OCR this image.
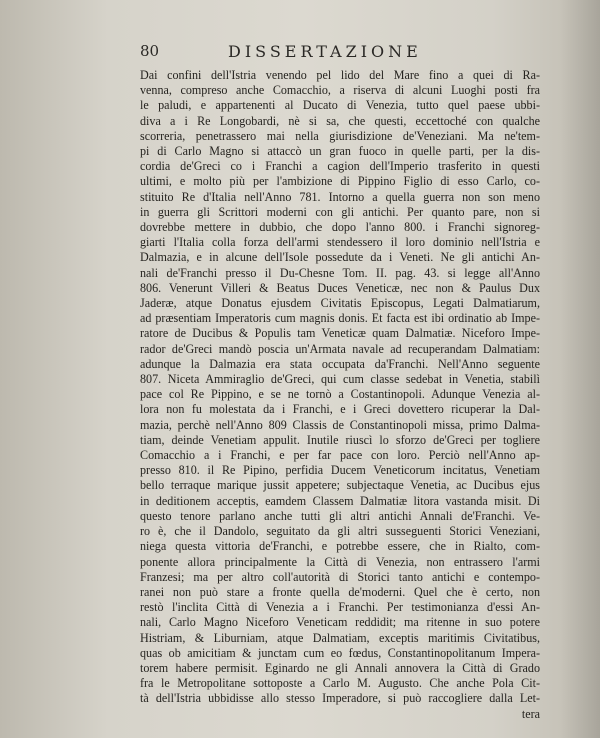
80	DISSERTAZIONE
Dai confini dell'Istria venendo pel lido del Mare fino a quei di Ra-
venna, compreso anche Comacchio, a riserva di alcuni Luoghi posti fra
le paludi, e appartenenti al Ducato di Venezia, tutto quel paese ubbi-
diva a i Re Longobardi, nè si sa, che questi, eccettoché con qualche
scorreria, penetrassero mai nella giurisdizione de'Veneziani. Ma ne'tem-
pi di Carlo Magno si attaccò un gran fuoco in quelle parti, per la dis-
cordia de'Greci co i Franchi a cagion dell'Imperio trasferito in questi
ultimi, e molto più per l'ambizione di Pippino Figlio di esso Carlo, co-
stituito Re d'Italia nell'Anno 781. Intorno a quella guerra non son meno
in guerra gli Scrittori moderni con gli antichi. Per quanto pare, non si
dovrebbe mettere in dubbio, che dopo l'anno 800. i Franchi signoreg-
giarti l'Italia colla forza dell'armi stendessero il loro dominio nell'Istria e
Dalmazia, e in alcune dell'Isole possedute da i Veneti. Ne gli antichi An-
nali de'Franchi presso il Du-Chesne Tom. II. pag. 43. si legge all'Anno
806. Venerunt Villeri & Beatus Duces Veneticæ, nec non & Paulus Dux
Jaderæ, atque Donatus ejusdem Civitatis Episcopus, Legati Dalmatiarum,
ad præsentiam Imperatoris cum magnis donis. Et facta est ibi ordinatio ab Impe-
ratore de Ducibus & Populis tam Veneticæ quam Dalmatiæ. Niceforo Impe-
rador de'Greci mandò poscia un'Armata navale ad recuperandam Dalmatiam:
adunque la Dalmazia era stata occupata da'Franchi. Nell'Anno seguente
807. Niceta Ammiraglio de'Greci, qui cum classe sedebat in Venetia, stabilì
pace col Re Pippino, e se ne tornò a Costantinopoli. Adunque Venezia al-
lora non fu molestata da i Franchi, e i Greci dovettero ricuperar la Dal-
mazia, perchè nell'Anno 809 Classis de Constantinopoli missa, primo Dalma-
tiam, deinde Venetiam appulit. Inutile riuscì lo sforzo de'Greci per togliere
Comacchio a i Franchi, e per far pace con loro. Perciò nell'Anno ap-
presso 810. il Re Pipino, perfidia Ducem Veneticorum incitatus, Venetiam
bello terraque marique jussit appetere; subjectaque Venetia, ac Ducibus ejus
in deditionem acceptis, eamdem Classem Dalmatiæ litora vastanda misit. Di
questo tenore parlano anche tutti gli altri antichi Annali de'Franchi. Ve-
ro è, che il Dandolo, seguitato da gli altri susseguenti Storici Veneziani,
niega questa vittoria de'Franchi, e potrebbe essere, che in Rialto, com-
ponente allora principalmente la Città di Venezia, non entrassero l'armi
Franzesi; ma per altro coll'autorità di Storici tanto antichi e contempo-
ranei non può stare a fronte quella de'moderni. Quel che è certo, non
restò l'inclita Città di Venezia a i Franchi. Per testimonianza d'essi An-
nali, Carlo Magno Niceforo Veneticam reddidit; ma ritenne in suo potere
Histriam, & Liburniam, atque Dalmatiam, exceptis maritimis Civitatibus,
quas ob amicitiam & junctam cum eo fœdus, Constantinopolitanum Impera-
torem habere permisit. Eginardo ne gli Annali annovera la Città di Grado
fra le Metropolitane sottoposte a Carlo M. Augusto. Che anche Pola Cit-
tà dell'Istria ubbidisse allo stesso Imperadore, si può raccogliere dalla Let-
tera
